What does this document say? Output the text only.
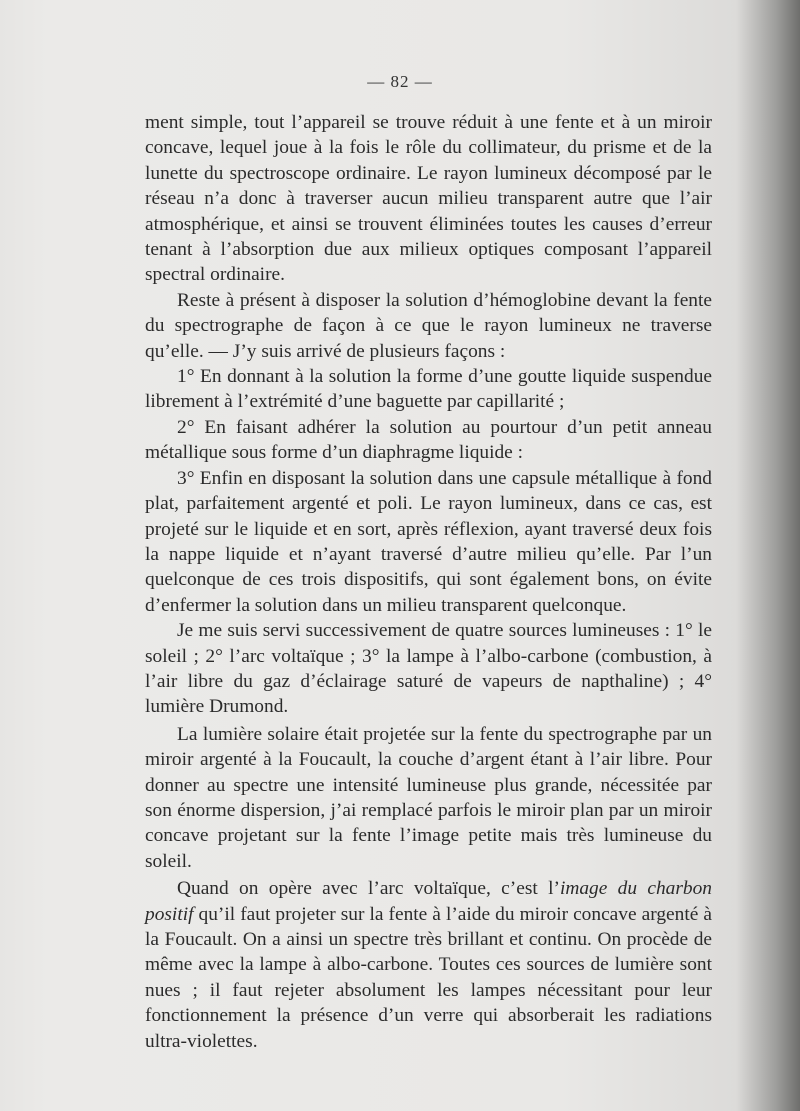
— 82 —

ment simple, tout l’appareil se trouve réduit à une fente et à un miroir concave, lequel joue à la fois le rôle du collimateur, du prisme et de la lunette du spectroscope ordinaire. Le rayon lumineux décomposé par le réseau n’a donc à traverser aucun milieu transparent autre que l’air atmosphérique, et ainsi se trouvent éliminées toutes les causes d’erreur tenant à l’absorption due aux milieux optiques composant l’appareil spectral ordinaire.

Reste à présent à disposer la solution d’hémoglobine devant la fente du spectrographe de façon à ce que le rayon lumineux ne traverse qu’elle. — J’y suis arrivé de plusieurs façons :

1° En donnant à la solution la forme d’une goutte liquide suspendue librement à l’extrémité d’une baguette par capillarité ;

2° En faisant adhérer la solution au pourtour d’un petit anneau métallique sous forme d’un diaphragme liquide :

3° Enfin en disposant la solution dans une capsule métallique à fond plat, parfaitement argenté et poli. Le rayon lumineux, dans ce cas, est projeté sur le liquide et en sort, après réflexion, ayant traversé deux fois la nappe liquide et n’ayant traversé d’autre milieu qu’elle. Par l’un quelconque de ces trois dispositifs, qui sont également bons, on évite d’enfermer la solution dans un milieu transparent quelconque.

Je me suis servi successivement de quatre sources lumineuses : 1° le soleil ; 2° l’arc voltaïque ; 3° la lampe à l’albo-carbone (combustion, à l’air libre du gaz d’éclairage saturé de vapeurs de napthaline) ; 4° lumière Drumond.

La lumière solaire était projetée sur la fente du spectrographe par un miroir argenté à la Foucault, la couche d’argent étant à l’air libre. Pour donner au spectre une intensité lumineuse plus grande, nécessitée par son énorme dispersion, j’ai remplacé parfois le miroir plan par un miroir concave projetant sur la fente l’image petite mais très lumineuse du soleil.

Quand on opère avec l’arc voltaïque, c’est l’image du charbon positif qu’il faut projeter sur la fente à l’aide du miroir concave argenté à la Foucault. On a ainsi un spectre très brillant et continu. On procède de même avec la lampe à albo-carbone. Toutes ces sources de lumière sont nues ; il faut rejeter absolument les lampes nécessitant pour leur fonctionnement la présence d’un verre qui absorberait les radiations ultra-violettes.
